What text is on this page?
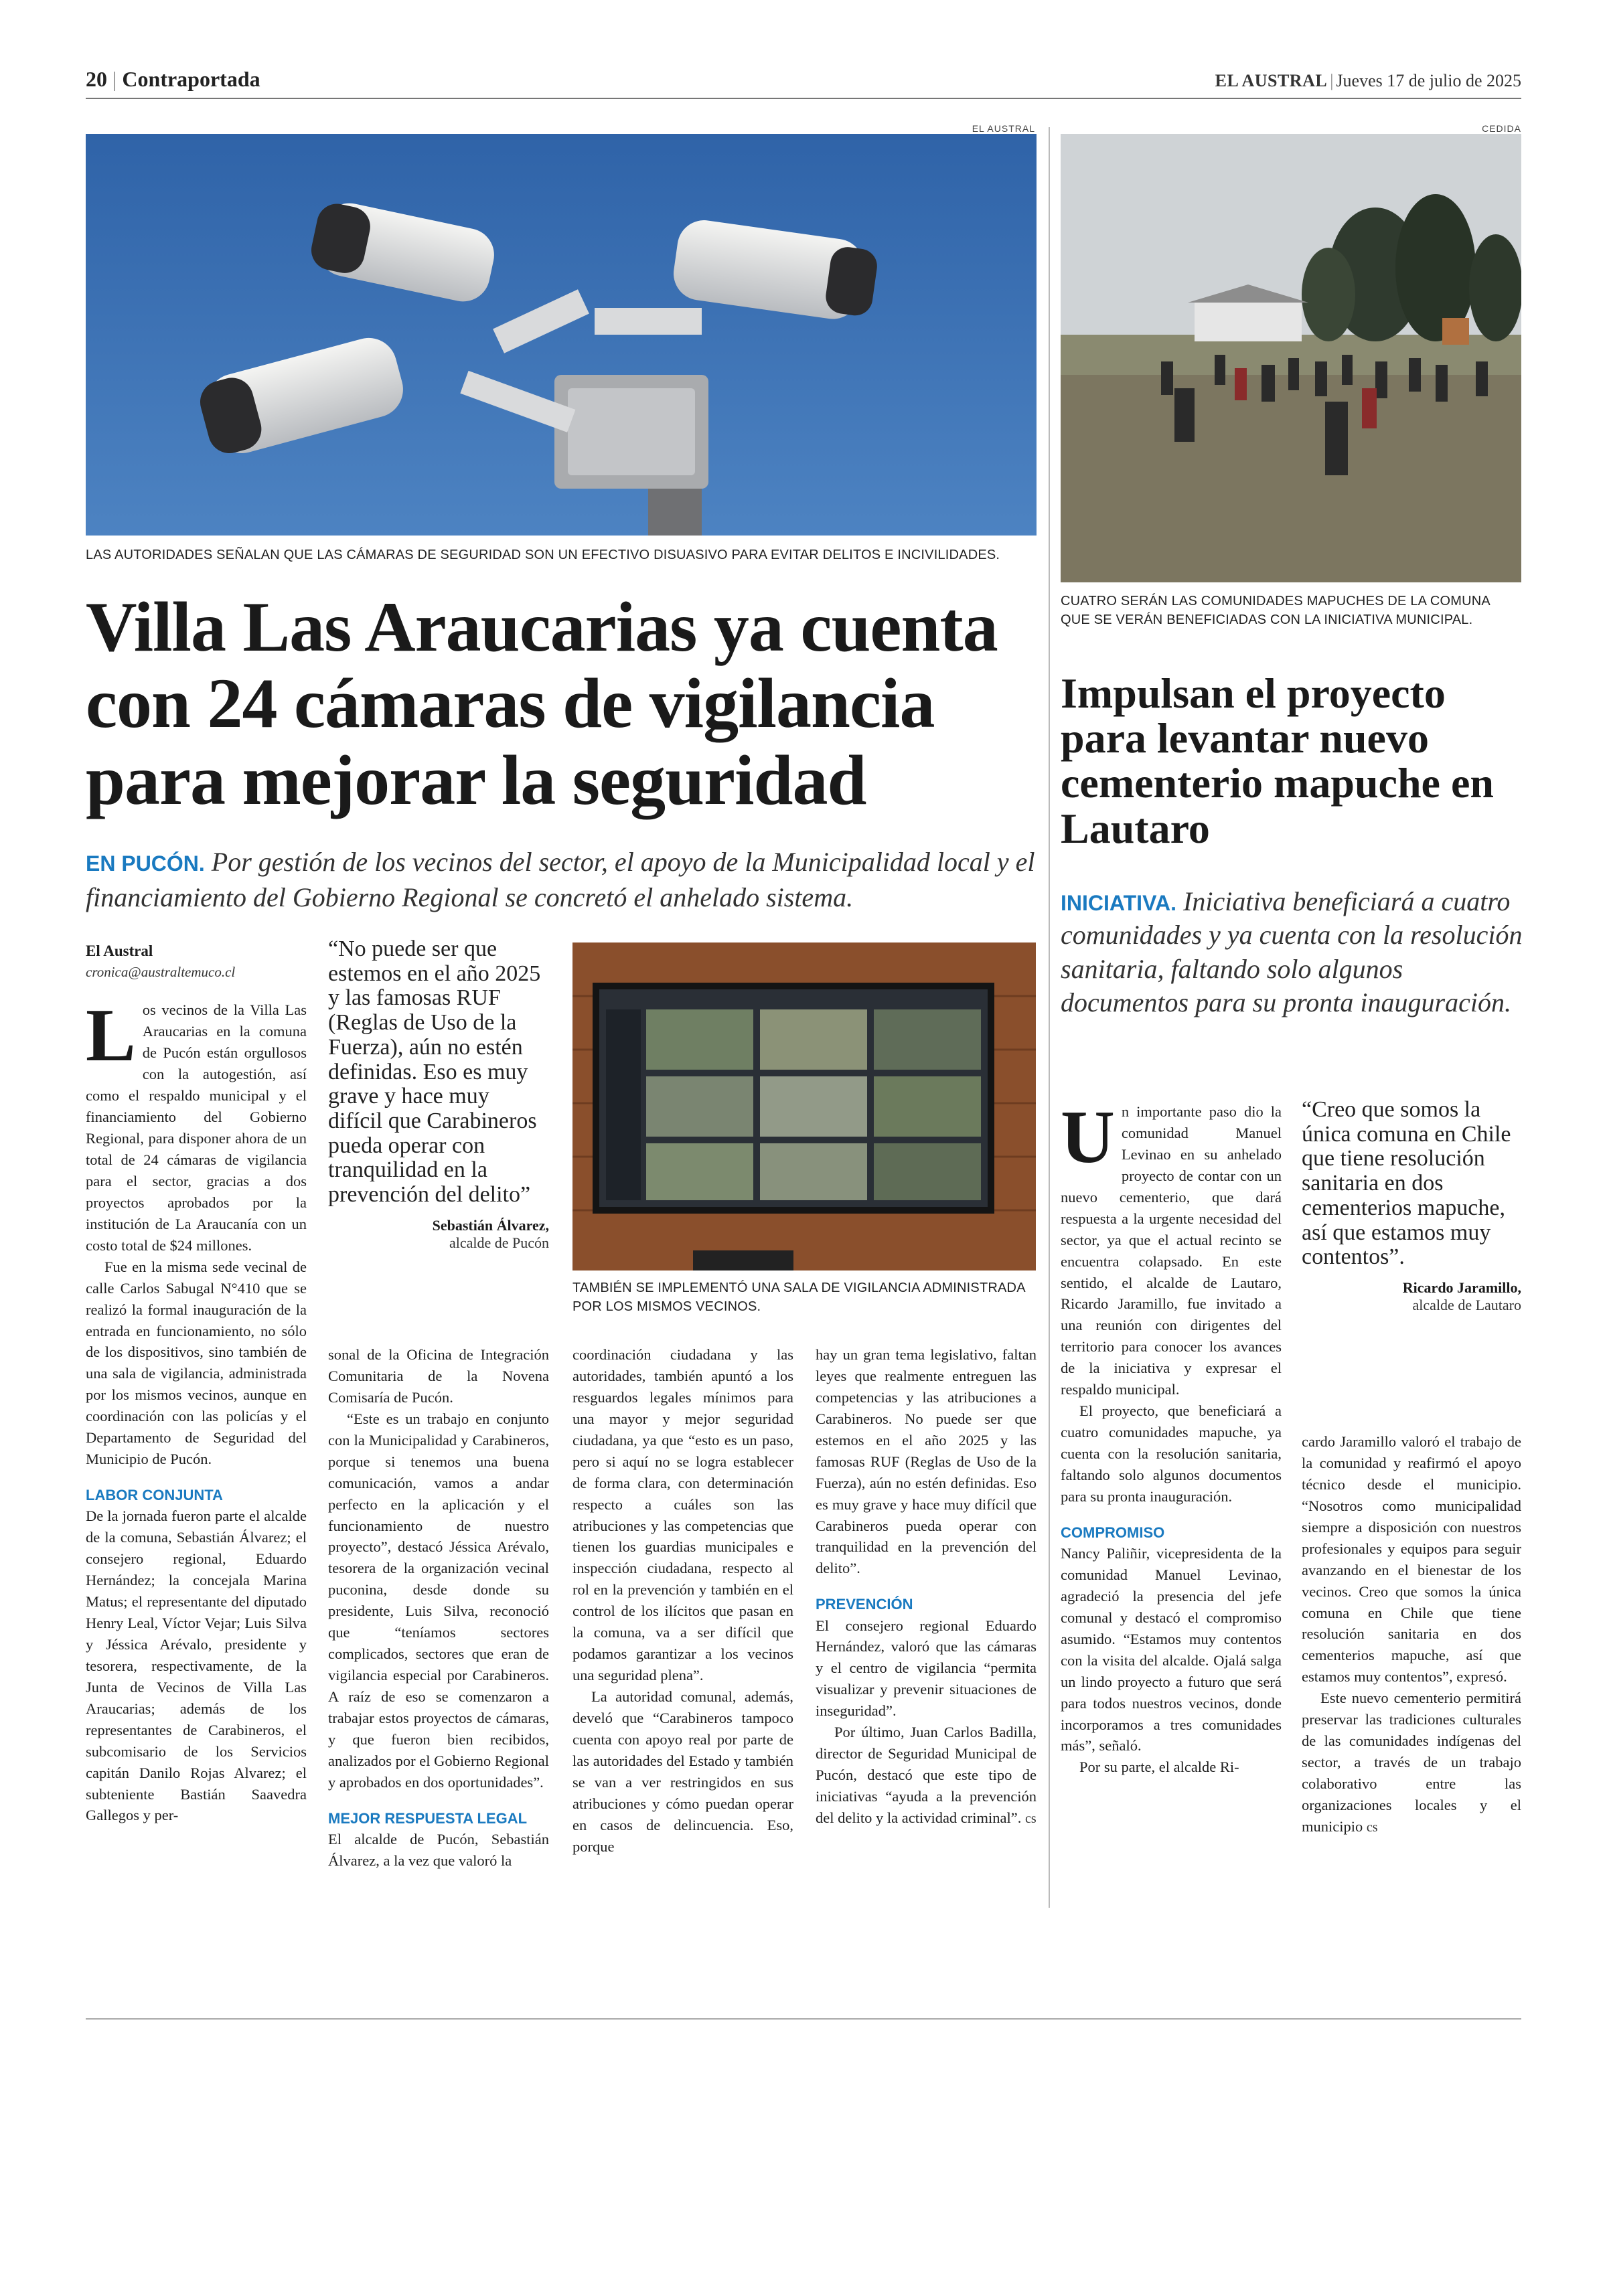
20 | Contraportada	EL AUSTRAL | Jueves 17 de julio de 2025
EL AUSTRAL
LAS AUTORIDADES SEÑALAN QUE LAS CÁMARAS DE SEGURIDAD SON UN EFECTIVO DISUASIVO PARA EVITAR DELITOS E INCIVILIDADES.
CEDIDA
CUATRO SERÁN LAS COMUNIDADES MAPUCHES DE LA COMUNA QUE SE VERÁN BENEFICIADAS CON LA INICIATIVA MUNICIPAL.
Villa Las Araucarias ya cuenta con 24 cámaras de vigilancia para mejorar la seguridad
Impulsan el proyecto para levantar nuevo cementerio mapuche en Lautaro
EN PUCÓN. Por gestión de los vecinos del sector, el apoyo de la Municipalidad local y el financiamiento del Gobierno Regional se concretó el anhelado sistema.	INICIATIVA. Iniciativa beneficiará a cuatro comunidades y ya cuenta con la resolución sanitaria, faltando solo algunos documentos para su pronta inauguración.
El Austral
cronica@australtemuco.cl

Los vecinos de la Villa Las Araucarias en la comuna de Pucón están orgullosos con la autogestión, así como el respaldo municipal y el financiamiento del Gobierno Regional, para disponer ahora de un total de 24 cámaras de vigilancia para el sector, gracias a dos proyectos aprobados por la institución de La Araucanía con un costo total de $24 millones.

Fue en la misma sede vecinal de calle Carlos Sabugal N°410 que se realizó la formal inauguración de la entrada en funcionamiento, no sólo de los dispositivos, sino también de una sala de vigilancia, administrada por los mismos vecinos, aunque en coordinación con las policías y el Departamento de Seguridad del Municipio de Pucón.

LABOR CONJUNTA

De la jornada fueron parte el alcalde de la comuna, Sebastián Álvarez; el consejero regional, Eduardo Hernández; la concejala Marina Matus; el representante del diputado Henry Leal, Víctor Vejar; Luis Silva y Jéssica Arévalo, presidente y tesorera, respectivamente, de la Junta de Vecinos de Villa Las Araucarias; además de los representantes de Carabineros, el subcomisario de los Servicios capitán Danilo Rojas Alvarez; el subteniente Bastián Saavedra Gallegos y per-

“No puede ser que estemos en el año 2025 y las famosas RUF (Reglas de Uso de la Fuerza), aún no estén definidas. Eso es muy grave y hace muy difícil que Carabineros pueda operar con tranquilidad en la prevención del delito”
Sebastián Álvarez,
alcalde de Pucón
TAMBIÉN SE IMPLEMENTÓ UNA SALA DE VIGILANCIA ADMINISTRADA POR LOS MISMOS VECINOS.

sonal de la Oficina de Integración Comunitaria de la Novena Comisaría de Pucón.

“Este es un trabajo en conjunto con la Municipalidad y Carabineros, porque si tenemos una buena comunicación, vamos a andar perfecto en la aplicación y el funcionamiento de nuestro proyecto”, destacó Jéssica Arévalo, tesorera de la organización vecinal puconina, desde donde su presidente, Luis Silva, reconoció que “teníamos sectores complicados, sectores que eran de vigilancia especial por Carabineros. A raíz de eso se comenzaron a trabajar estos proyectos de cámaras, y que fueron bien recibidos, analizados por el Gobierno Regional y aprobados en dos oportunidades”.

MEJOR RESPUESTA LEGAL

El alcalde de Pucón, Sebastián Álvarez, a la vez que valoró la

coordinación ciudadana y las autoridades, también apuntó a los resguardos legales mínimos para una mayor y mejor seguridad ciudadana, ya que “esto es un paso, pero si aquí no se logra establecer de forma clara, con determinación respecto a cuáles son las atribuciones y las competencias que tienen los guardias municipales e inspección ciudadana, respecto al rol en la prevención y también en el control de los ilícitos que pasan en la comuna, va a ser difícil que podamos garantizar a los vecinos una seguridad plena”.

La autoridad comunal, además, develó que “Carabineros tampoco cuenta con apoyo real por parte de las autoridades del Estado y también se van a ver restringidos en sus atribuciones y cómo puedan operar en casos de delincuencia. Eso, porque

hay un gran tema legislativo, faltan leyes que realmente entreguen las competencias y las atribuciones a Carabineros. No puede ser que estemos en el año 2025 y las famosas RUF (Reglas de Uso de la Fuerza), aún no estén definidas. Eso es muy grave y hace muy difícil que Carabineros pueda operar con tranquilidad en la prevención del delito”.

PREVENCIÓN

El consejero regional Eduardo Hernández, valoró que las cámaras y el centro de vigilancia “permita visualizar y prevenir situaciones de inseguridad”.

Por último, Juan Carlos Badilla, director de Seguridad Municipal de Pucón, destacó que este tipo de iniciativas “ayuda a la prevención del delito y la actividad criminal”. cs

Un importante paso dio la comunidad Manuel Levinao en su anhelado proyecto de contar con un nuevo cementerio, que dará respuesta a la urgente necesidad del sector, ya que el actual recinto se encuentra colapsado. En este sentido, el alcalde de Lautaro, Ricardo Jaramillo, fue invitado a una reunión con dirigentes del territorio para conocer los avances de la iniciativa y expresar el respaldo municipal.

El proyecto, que beneficiará a cuatro comunidades mapuche, ya cuenta con la resolución sanitaria, faltando solo algunos documentos para su pronta inauguración.

COMPROMISO

Nancy Paliñir, vicepresidenta de la comunidad Manuel Levinao, agradeció la presencia del jefe comunal y destacó el compromiso asumido. “Estamos muy contentos con la visita del alcalde. Ojalá salga un lindo proyecto a futuro que será para todos nuestros vecinos, donde incorporamos a tres comunidades más”, señaló.

Por su parte, el alcalde Ri-

“Creo que somos la única comuna en Chile que tiene resolución sanitaria en dos cementerios mapuche, así que estamos muy contentos”.
Ricardo Jaramillo,
alcalde de Lautaro

cardo Jaramillo valoró el trabajo de la comunidad y reafirmó el apoyo técnico desde el municipio. “Nosotros como municipalidad siempre a disposición con nuestros profesionales y equipos para seguir avanzando en el bienestar de los vecinos. Creo que somos la única comuna en Chile que tiene resolución sanitaria en dos cementerios mapuche, así que estamos muy contentos”, expresó.

Este nuevo cementerio permitirá preservar las tradiciones culturales de las comunidades indígenas del sector, a través de un trabajo colaborativo entre las organizaciones locales y el municipio cs
